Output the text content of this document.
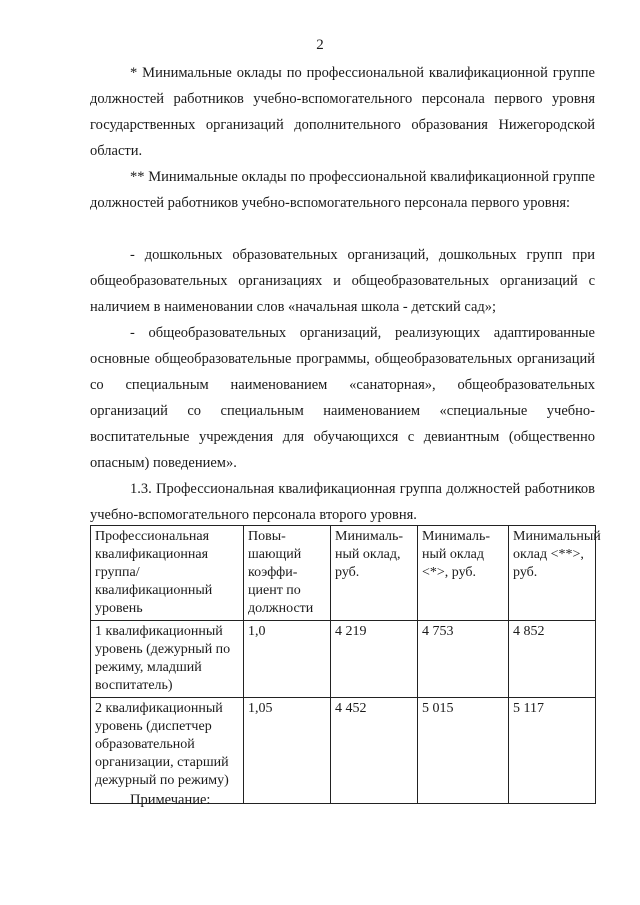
2
* Минимальные оклады по профессиональной квалификационной группе должностей работников учебно-вспомогательного персонала первого уровня государственных организаций дополнительного образования Нижегородской области.
** Минимальные оклады по профессиональной квалификационной группе должностей работников учебно-вспомогательного персонала первого уровня:
- дошкольных образовательных организаций, дошкольных групп при общеобразовательных организациях и общеобразовательных организаций с наличием в наименовании слов «начальная школа - детский сад»;
- общеобразовательных организаций, реализующих адаптированные основные общеобразовательные программы, общеобразовательных организаций со специальным наименованием «санаторная», общеобразовательных организаций со специальным наименованием «специальные учебно-воспитательные учреждения для обучающихся с девиантным (общественно опасным) поведением».
1.3. Профессиональная квалификационная группа должностей работников учебно-вспомогательного персонала второго уровня.
Профессиональная квалификационная группа/квалификационный уровень	Повы-шающий коэффи-циент по должности	Минималь-ный оклад, руб.	Минималь-ный оклад <*>, руб.	Минимальный оклад <**>, руб.
1 квалификационный уровень (дежурный по режиму, младший воспитатель)	1,0	4 219	4 753	4 852
2 квалификационный уровень (диспетчер образовательной организации, старший дежурный по режиму)	1,05	4 452	5 015	5 117
Примечание:
